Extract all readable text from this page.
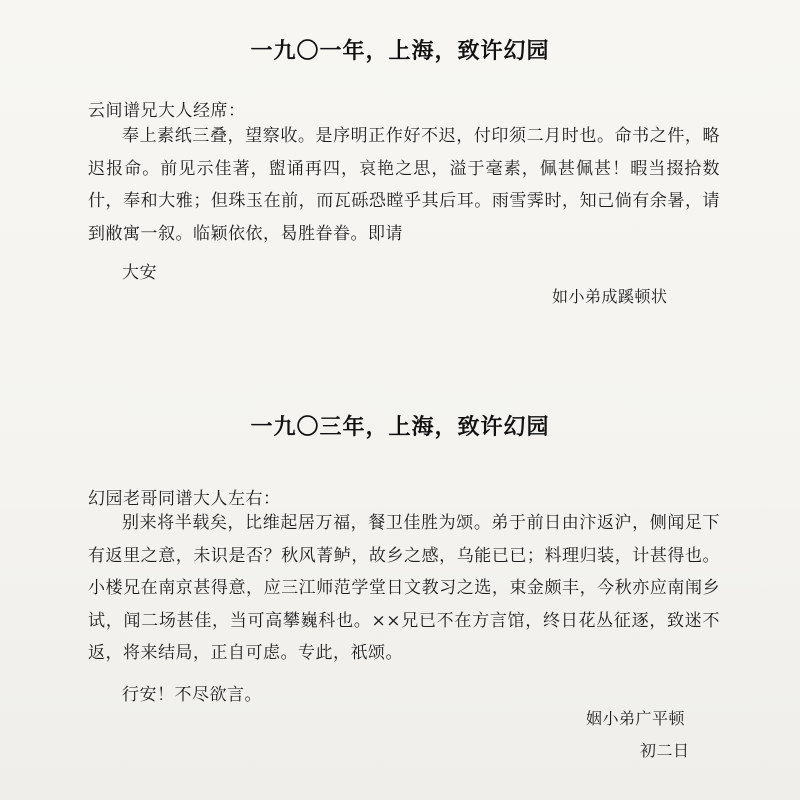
一九〇一年，上海，致许幻园
云间谱兄大人经席：

奉上素纸三叠，望察收。是序明正作好不迟，付印须二月时也。命书之件，略迟报命。前见示佳著，盥诵再四，哀艳之思，溢于毫素，佩甚佩甚！暇当掇拾数什，奉和大雅；但珠玉在前，而瓦砾恐瞠乎其后耳。雨雪霁时，知己倘有余暑，请到敝寓一叙。临颖依依，曷胜眷眷。即请

大安
如小弟成蹊顿状
一九〇三年，上海，致许幻园
幻园老哥同谱大人左右：

别来将半载矣，比维起居万福，餐卫佳胜为颂。弟于前日由汴返沪，侧闻足下有返里之意，未识是否？秋风菁鲈，故乡之感，乌能已已；料理归装，计甚得也。小楼兄在南京甚得意，应三江师范学堂日文教习之选，束金颇丰，今秋亦应南闱乡试，闻二场甚佳，当可高攀巍科也。××兄已不在方言馆，终日花丛征逐，致迷不返，将来结局，正自可虑。专此，祇颂。

行安！不尽欲言。
姻小弟广平顿
初二日
